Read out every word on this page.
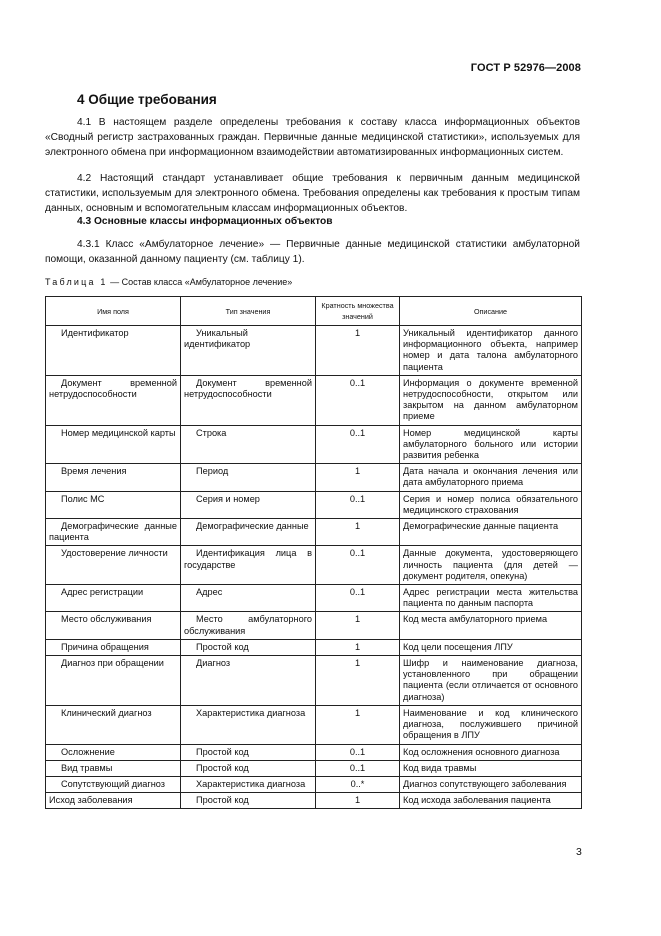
ГОСТ Р 52976—2008
4 Общие требования
4.1 В настоящем разделе определены требования к составу класса информационных объектов «Сводный регистр застрахованных граждан. Первичные данные медицинской статистики», используемых для электронного обмена при информационном взаимодействии автоматизированных информационных систем.
4.2 Настоящий стандарт устанавливает общие требования к первичным данным медицинской статистики, используемым для электронного обмена. Требования определены как требования к простым типам данных, основным и вспомогательным классам информационных объектов.
4.3 Основные классы информационных объектов
4.3.1 Класс «Амбулаторное лечение» — Первичные данные медицинской статистики амбулаторной помощи, оказанной данному пациенту (см. таблицу 1).
Таблица 1 — Состав класса «Амбулаторное лечение»
Имя поля	Тип значения	Кратность множества значений	Описание

Идентификатор	Уникальный идентификатор	1	Уникальный идентификатор данного информационного объекта, например номер и дата талона амбулаторного пациента

Документ временной нетрудоспособности	Документ временной нетрудоспособности	0..1	Информация о документе временной нетрудоспособности, открытом или закрытом на данном амбулаторном приеме

Номер медицинской карты	Строка	0..1	Номер медицинской карты амбулаторного больного или истории развития ребенка

Время лечения	Период	1	Дата начала и окончания лечения или дата амбулаторного приема

Полис МС	Серия и номер	0..1	Серия и номер полиса обязательного медицинского страхования

Демографические данные пациента	Демографические данные	1	Демографические данные пациента

Удостоверение личности	Идентификация лица в государстве	0..1	Данные документа, удостоверяющего личность пациента (для детей — документ родителя, опекуна)

Адрес регистрации	Адрес	0..1	Адрес регистрации места жительства пациента по данным паспорта

Место обслуживания	Место амбулаторного обслуживания	1	Код места амбулаторного приема

Причина обращения	Простой код	1	Код цели посещения ЛПУ

Диагноз при обращении	Диагноз	1	Шифр и наименование диагноза, установленного при обращении пациента (если отличается от основного диагноза)

Клинический диагноз	Характеристика диагноза	1	Наименование и код клинического диагноза, послужившего причиной обращения в ЛПУ

Осложнение	Простой код	0..1	Код осложнения основного диагноза

Вид травмы	Простой код	0..1	Код вида травмы

Сопутствующий диагноз	Характеристика диагноза	0..*	Диагноз сопутствующего заболевания

Исход заболевания	Простой код	1	Код исхода заболевания пациента
3
